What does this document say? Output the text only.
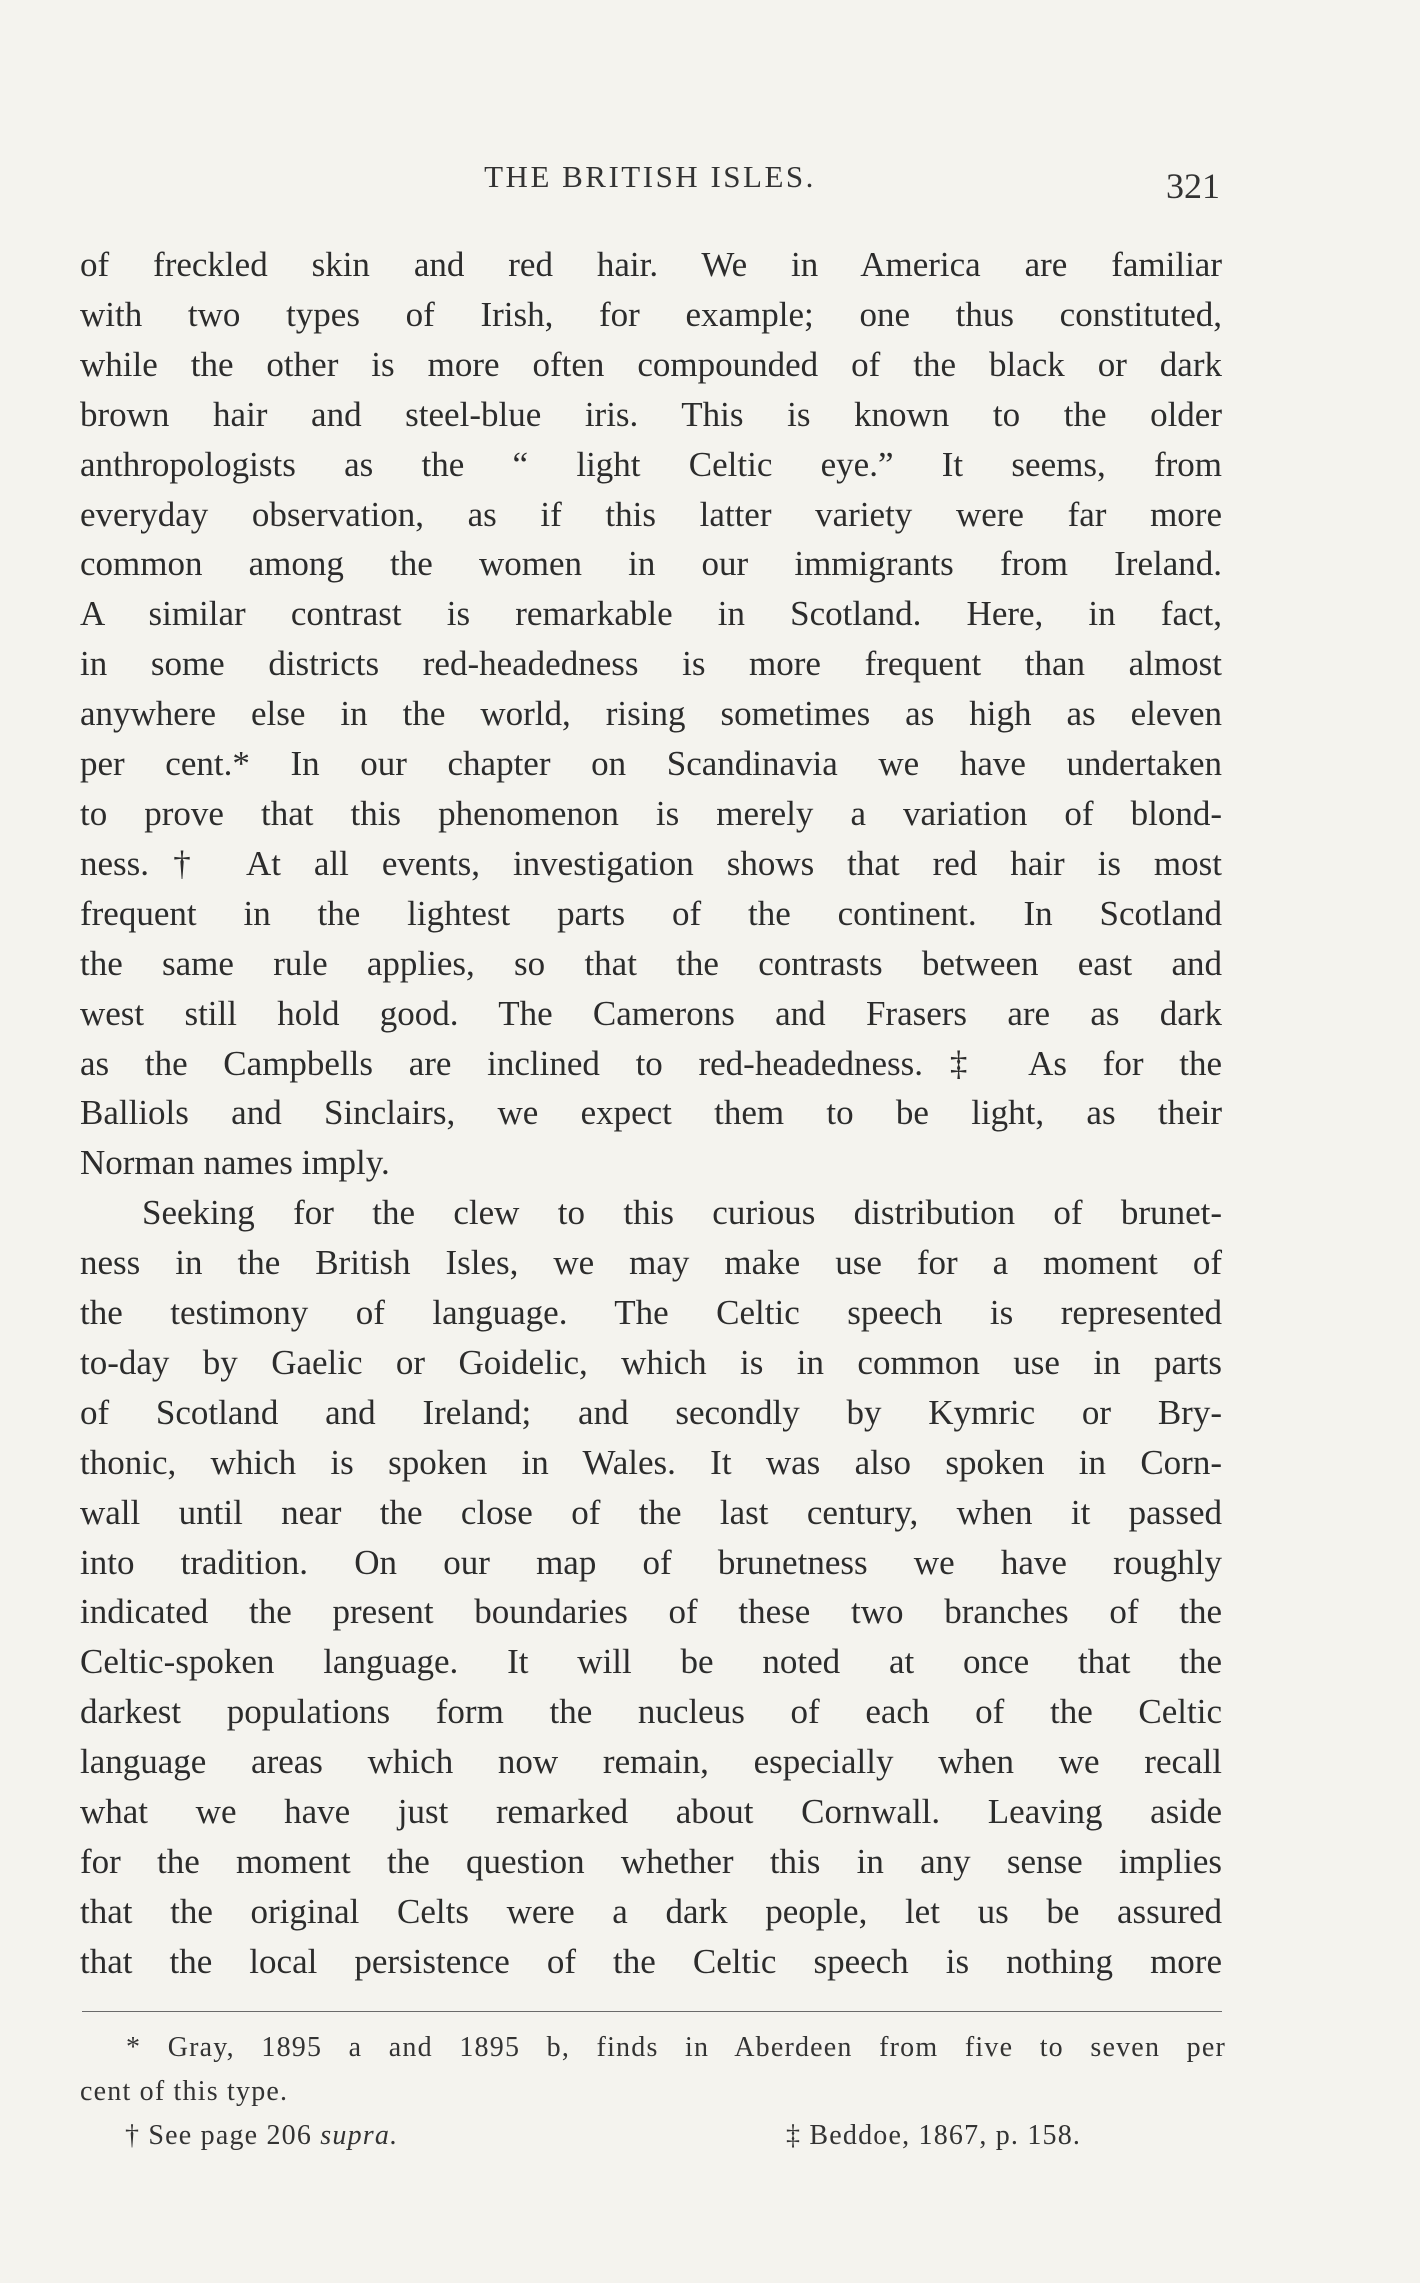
THE BRITISH ISLES.	321

of freckled skin and red hair. We in America are familiar
with two types of Irish, for example; one thus constituted,
while the other is more often compounded of the black or dark
brown hair and steel-blue iris. This is known to the older
anthropologists as the “ light Celtic eye.” It seems, from
everyday observation, as if this latter variety were far more
common among the women in our immigrants from Ireland.
A similar contrast is remarkable in Scotland. Here, in fact,
in some districts red-headedness is more frequent than almost
anywhere else in the world, rising sometimes as high as eleven
per cent.* In our chapter on Scandinavia we have undertaken
to prove that this phenomenon is merely a variation of blond-
ness.† At all events, investigation shows that red hair is most
frequent in the lightest parts of the continent. In Scotland
the same rule applies, so that the contrasts between east and
west still hold good. The Camerons and Frasers are as dark
as the Campbells are inclined to red-headedness.‡ As for the
Balliols and Sinclairs, we expect them to be light, as their
Norman names imply.

Seeking for the clew to this curious distribution of brunet-
ness in the British Isles, we may make use for a moment of
the testimony of language. The Celtic speech is represented
to-day by Gaelic or Goidelic, which is in common use in parts
of Scotland and Ireland; and secondly by Kymric or Bry-
thonic, which is spoken in Wales. It was also spoken in Corn-
wall until near the close of the last century, when it passed
into tradition. On our map of brunetness we have roughly
indicated the present boundaries of these two branches of the
Celtic-spoken language. It will be noted at once that the
darkest populations form the nucleus of each of the Celtic
language areas which now remain, especially when we recall
what we have just remarked about Cornwall. Leaving aside
for the moment the question whether this in any sense implies
that the original Celts were a dark people, let us be assured
that the local persistence of the Celtic speech is nothing more

* Gray, 1895 a and 1895 b, finds in Aberdeen from five to seven per
cent of this type.
† See page 206 supra.	‡ Beddoe, 1867, p. 158.
